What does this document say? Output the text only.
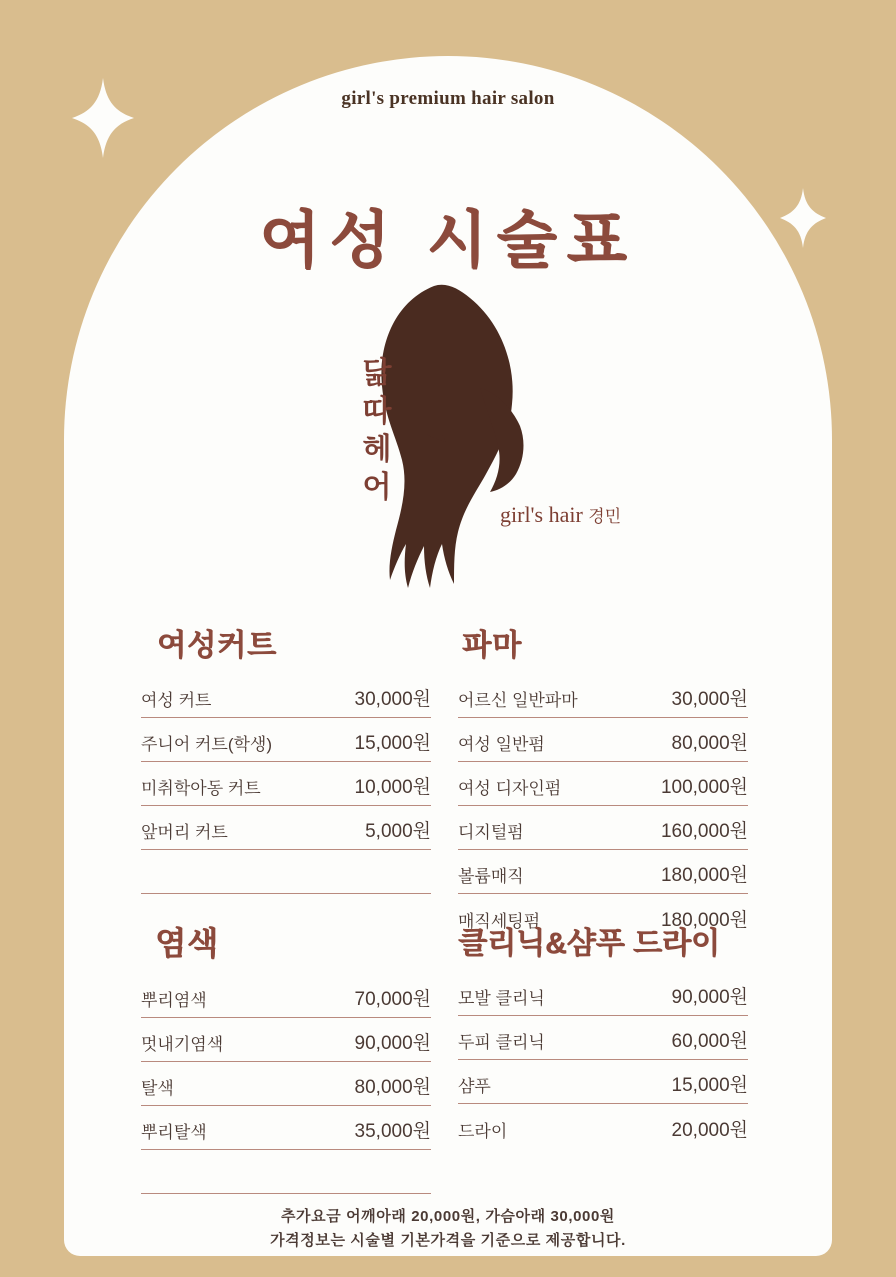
girl's premium hair salon
여성 시술표
닮
따
헤
어
girl's hair 경민
여성커트
여성 커트	30,000원
주니어 커트(학생)	15,000원
미취학아동 커트	10,000원
앞머리 커트	5,000원
파마
어르신 일반파마	30,000원
여성 일반펌	80,000원
여성 디자인펌	100,000원
디지털펌	160,000원
볼륨매직	180,000원
매직세팅펌	180,000원
염색
뿌리염색	70,000원
멋내기염색	90,000원
탈색	80,000원
뿌리탈색	35,000원
클리닉&샴푸 드라이
모발 클리닉	90,000원
두피 클리닉	60,000원
샴푸	15,000원
드라이	20,000원
추가요금 어깨아래 20,000원, 가슴아래 30,000원
가격정보는 시술별 기본가격을 기준으로 제공합니다.
